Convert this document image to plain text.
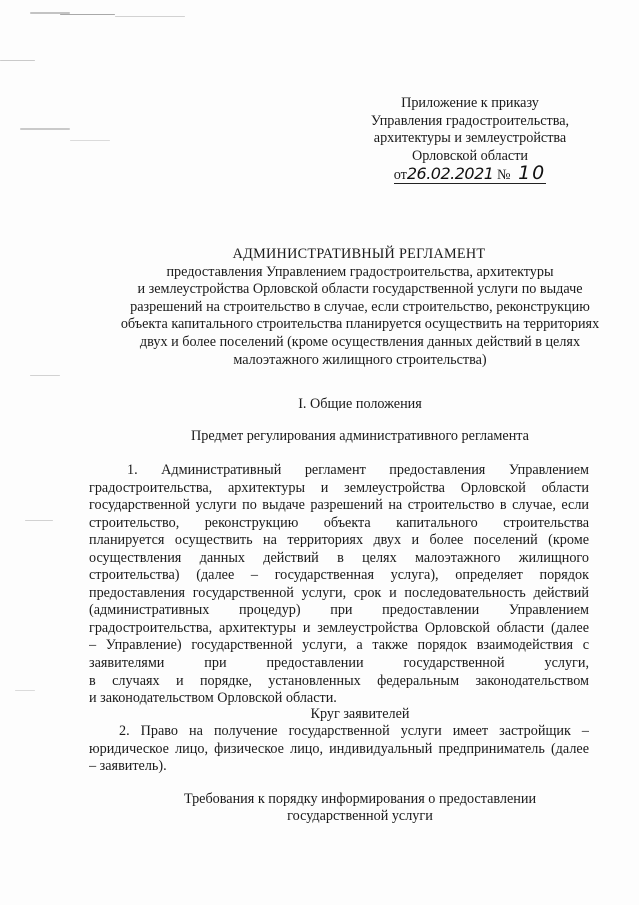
Приложение к приказу
Управления градостроительства,
архитектуры и землеустройства
Орловской области
от26.02.2021 № 10
АДМИНИСТРАТИВНЫЙ РЕГЛАМЕНТ
предоставления Управлением градостроительства, архитектуры
и землеустройства Орловской области государственной услуги по выдаче
разрешений на строительство в случае, если строительство, реконструкцию
объекта капитального строительства планируется осуществить на территориях
двух и более поселений (кроме осуществления данных действий в целях
малоэтажного жилищного строительства)
I. Общие положения
Предмет регулирования административного регламента
1. Административный регламент предоставления Управлением
градостроительства, архитектуры и землеустройства Орловской области
государственной услуги по выдаче разрешений на строительство в случае, если
строительство, реконструкцию объекта капитального строительства
планируется осуществить на территориях двух и более поселений (кроме
осуществления данных действий в целях малоэтажного жилищного
строительства) (далее – государственная услуга), определяет порядок
предоставления государственной услуги, срок и последовательность действий
(административных процедур) при предоставлении Управлением
градостроительства, архитектуры и землеустройства Орловской области (далее
– Управление) государственной услуги, а также порядок взаимодействия с
заявителями при предоставлении государственной услуги,
в случаях и порядке, установленных федеральным законодательством
и законодательством Орловской области.
Круг заявителей
2. Право на получение государственной услуги имеет застройщик –
юридическое лицо, физическое лицо, индивидуальный предприниматель (далее
– заявитель).
Требования к порядку информирования о предоставлении
государственной услуги
